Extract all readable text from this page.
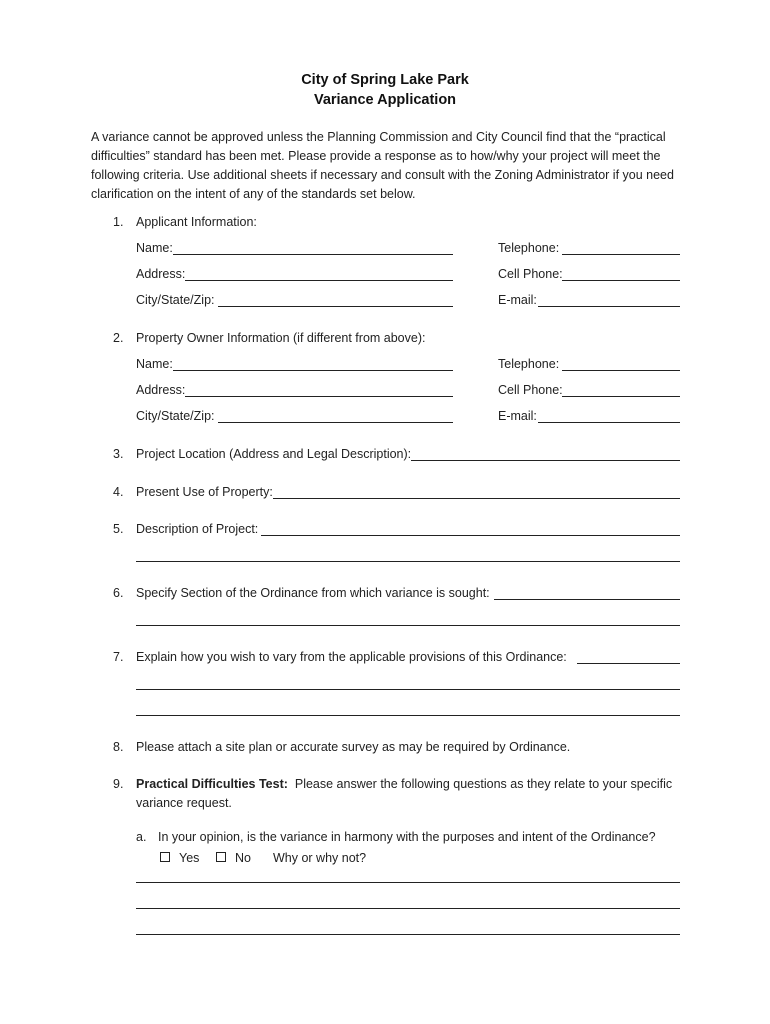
City of Spring Lake Park
Variance Application
A variance cannot be approved unless the Planning Commission and City Council find that the “practical difficulties” standard has been met. Please provide a response as to how/why your project will meet the following criteria. Use additional sheets if necessary and consult with the Zoning Administrator if you need clarification on the intent of any of the standards set below.
1. Applicant Information:
Name:	Telephone:
Address:	Cell Phone:
City/State/Zip:	E-mail:
2. Property Owner Information (if different from above):
Name:	Telephone:
Address:	Cell Phone:
City/State/Zip:	E-mail:
3. Project Location (Address and Legal Description):
4. Present Use of Property:
5. Description of Project:
6. Specify Section of the Ordinance from which variance is sought:
7. Explain how you wish to vary from the applicable provisions of this Ordinance:
8. Please attach a site plan or accurate survey as may be required by Ordinance.
9. Practical Difficulties Test: Please answer the following questions as they relate to your specific
variance request.
a. In your opinion, is the variance in harmony with the purposes and intent of the Ordinance?
Yes	No Why or why not?
